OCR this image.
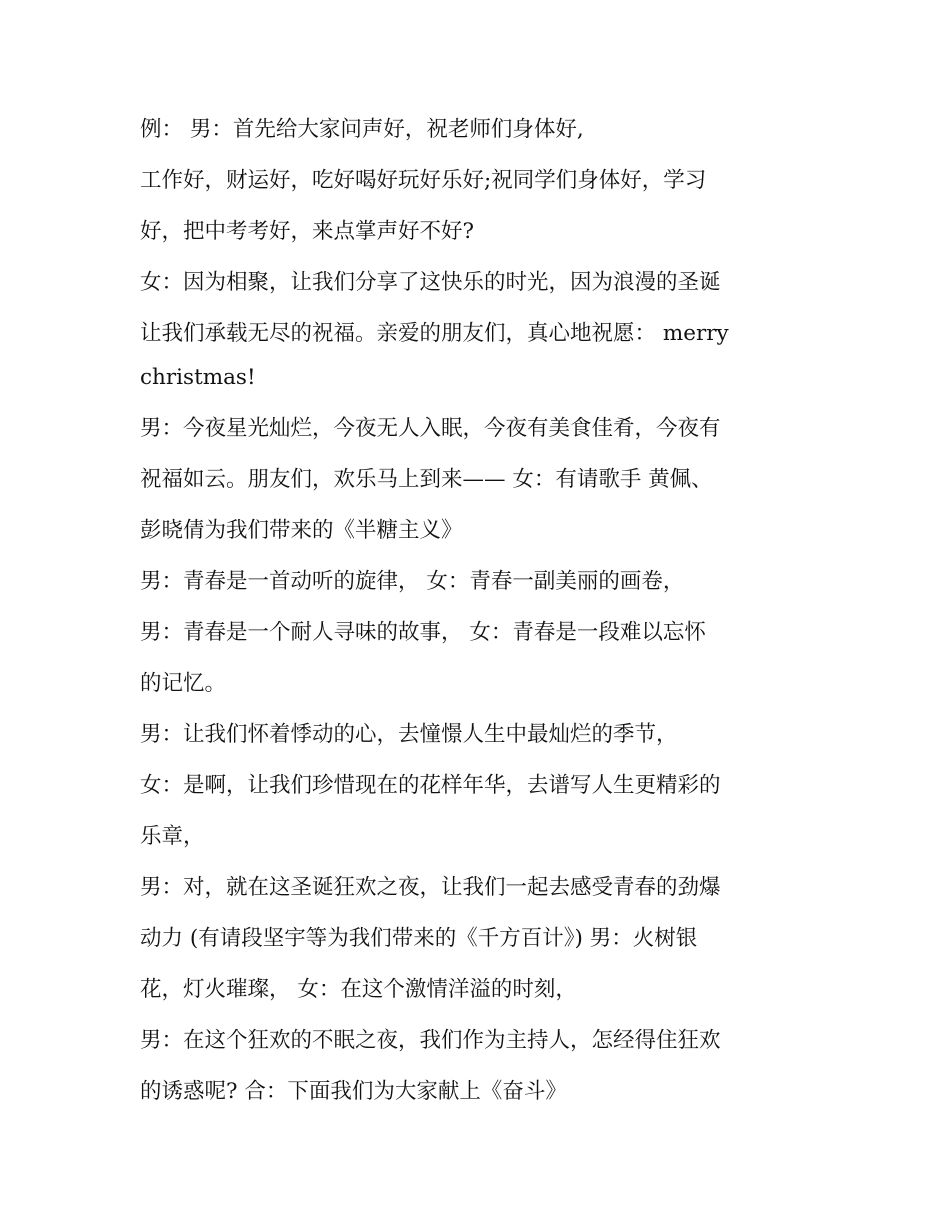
例： 男：首先给大家问声好，祝老师们身体好,
工作好，财运好，吃好喝好玩好乐好;祝同学们身体好，学习
好，把中考考好，来点掌声好不好?
女：因为相聚，让我们分享了这快乐的时光，因为浪漫的圣诞
让我们承载无尽的祝福。亲爱的朋友们，真心地祝愿： merry
christmas!
男：今夜星光灿烂，今夜无人入眠，今夜有美食佳肴，今夜有
祝福如云。朋友们，欢乐马上到来—— 女：有请歌手 黄佩、
彭晓倩为我们带来的《半糖主义》
男：青春是一首动听的旋律， 女：青春一副美丽的画卷，
男：青春是一个耐人寻味的故事， 女：青春是一段难以忘怀
的记忆。
男：让我们怀着悸动的心，去憧憬人生中最灿烂的季节，
女：是啊，让我们珍惜现在的花样年华，去谱写人生更精彩的
乐章，
男：对，就在这圣诞狂欢之夜，让我们一起去感受青春的劲爆
动力 (有请段坚宇等为我们带来的《千方百计》) 男：火树银
花，灯火璀璨， 女：在这个激情洋溢的时刻，
男：在这个狂欢的不眠之夜，我们作为主持人，怎经得住狂欢
的诱惑呢? 合：下面我们为大家献上《奋斗》
